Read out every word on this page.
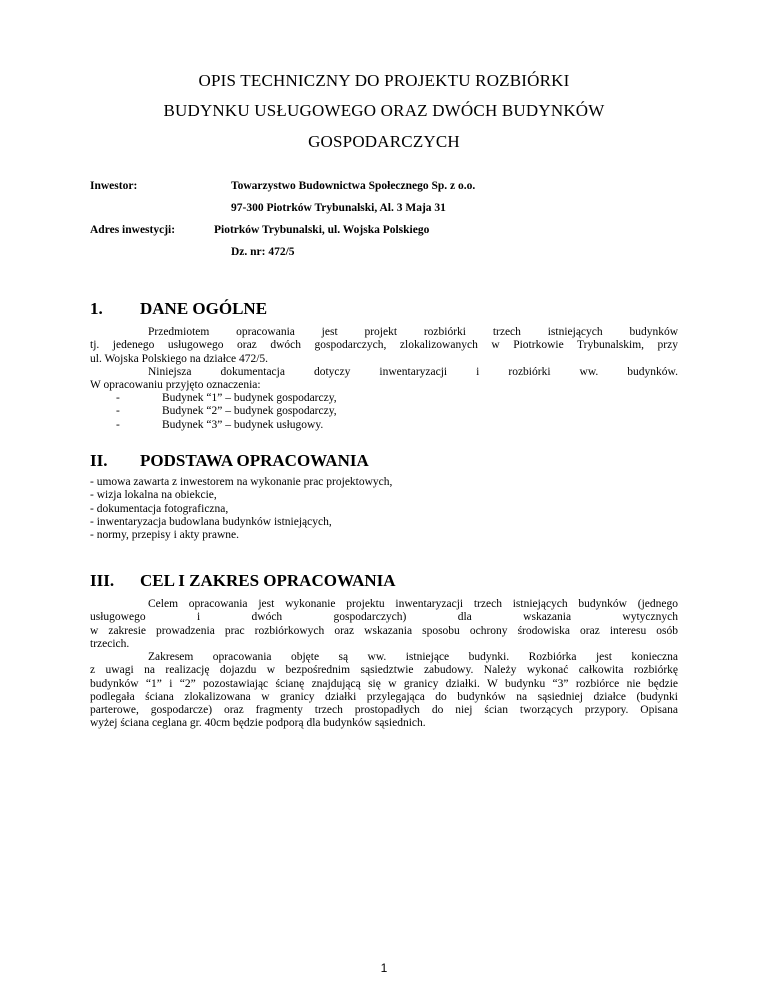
OPIS TECHNICZNY DO PROJEKTU ROZBIÓRKI
BUDYNKU USŁUGOWEGO ORAZ DWÓCH BUDYNKÓW
GOSPODARCZYCH
Inwestor:	Towarzystwo Budownictwa Społecznego Sp. z o.o.
97-300 Piotrków Trybunalski, Al. 3 Maja 31
Adres inwestycji:	Piotrków Trybunalski, ul. Wojska Polskiego
Dz. nr: 472/5
1. DANE OGÓLNE
Przedmiotem opracowania jest projekt rozbiórki trzech istniejących budynków
tj. jedenego usługowego oraz dwóch gospodarczych, zlokalizowanych w Piotrkowie Trybunalskim, przy
ul. Wojska Polskiego na działce 472/5.
Niniejsza dokumentacja dotyczy inwentaryzacji i rozbiórki ww. budynków.
W opracowaniu przyjęto oznaczenia:
-	Budynek “1” – budynek gospodarczy,
-	Budynek “2” – budynek gospodarczy,
-	Budynek “3” – budynek usługowy.
II. PODSTAWA OPRACOWANIA
- umowa zawarta z inwestorem na wykonanie prac projektowych,
- wizja lokalna na obiekcie,
- dokumentacja fotograficzna,
- inwentaryzacja budowlana budynków istniejących,
- normy, przepisy i akty prawne.
III. CEL I ZAKRES OPRACOWANIA
Celem opracowania jest wykonanie projektu inwentaryzacji trzech istniejących budynków (jednego
usługowego i dwóch gospodarczych) dla wskazania wytycznych
w zakresie prowadzenia prac rozbiórkowych oraz wskazania sposobu ochrony środowiska oraz interesu osób
trzecich.
Zakresem opracowania objęte są ww. istniejące budynki. Rozbiórka jest konieczna
z uwagi na realizację dojazdu w bezpośrednim sąsiedztwie zabudowy. Należy wykonać całkowita rozbiórkę
budynków “1” i “2” pozostawiając ścianę znajdującą się w granicy działki. W budynku “3” rozbiórce nie będzie
podlegała ściana zlokalizowana w granicy działki przylegająca do budynków na sąsiedniej działce (budynki
parterowe, gospodarcze) oraz fragmenty trzech prostopadłych do niej ścian tworzących przypory. Opisana
wyżej ściana ceglana gr. 40cm będzie podporą dla budynków sąsiednich.
1
